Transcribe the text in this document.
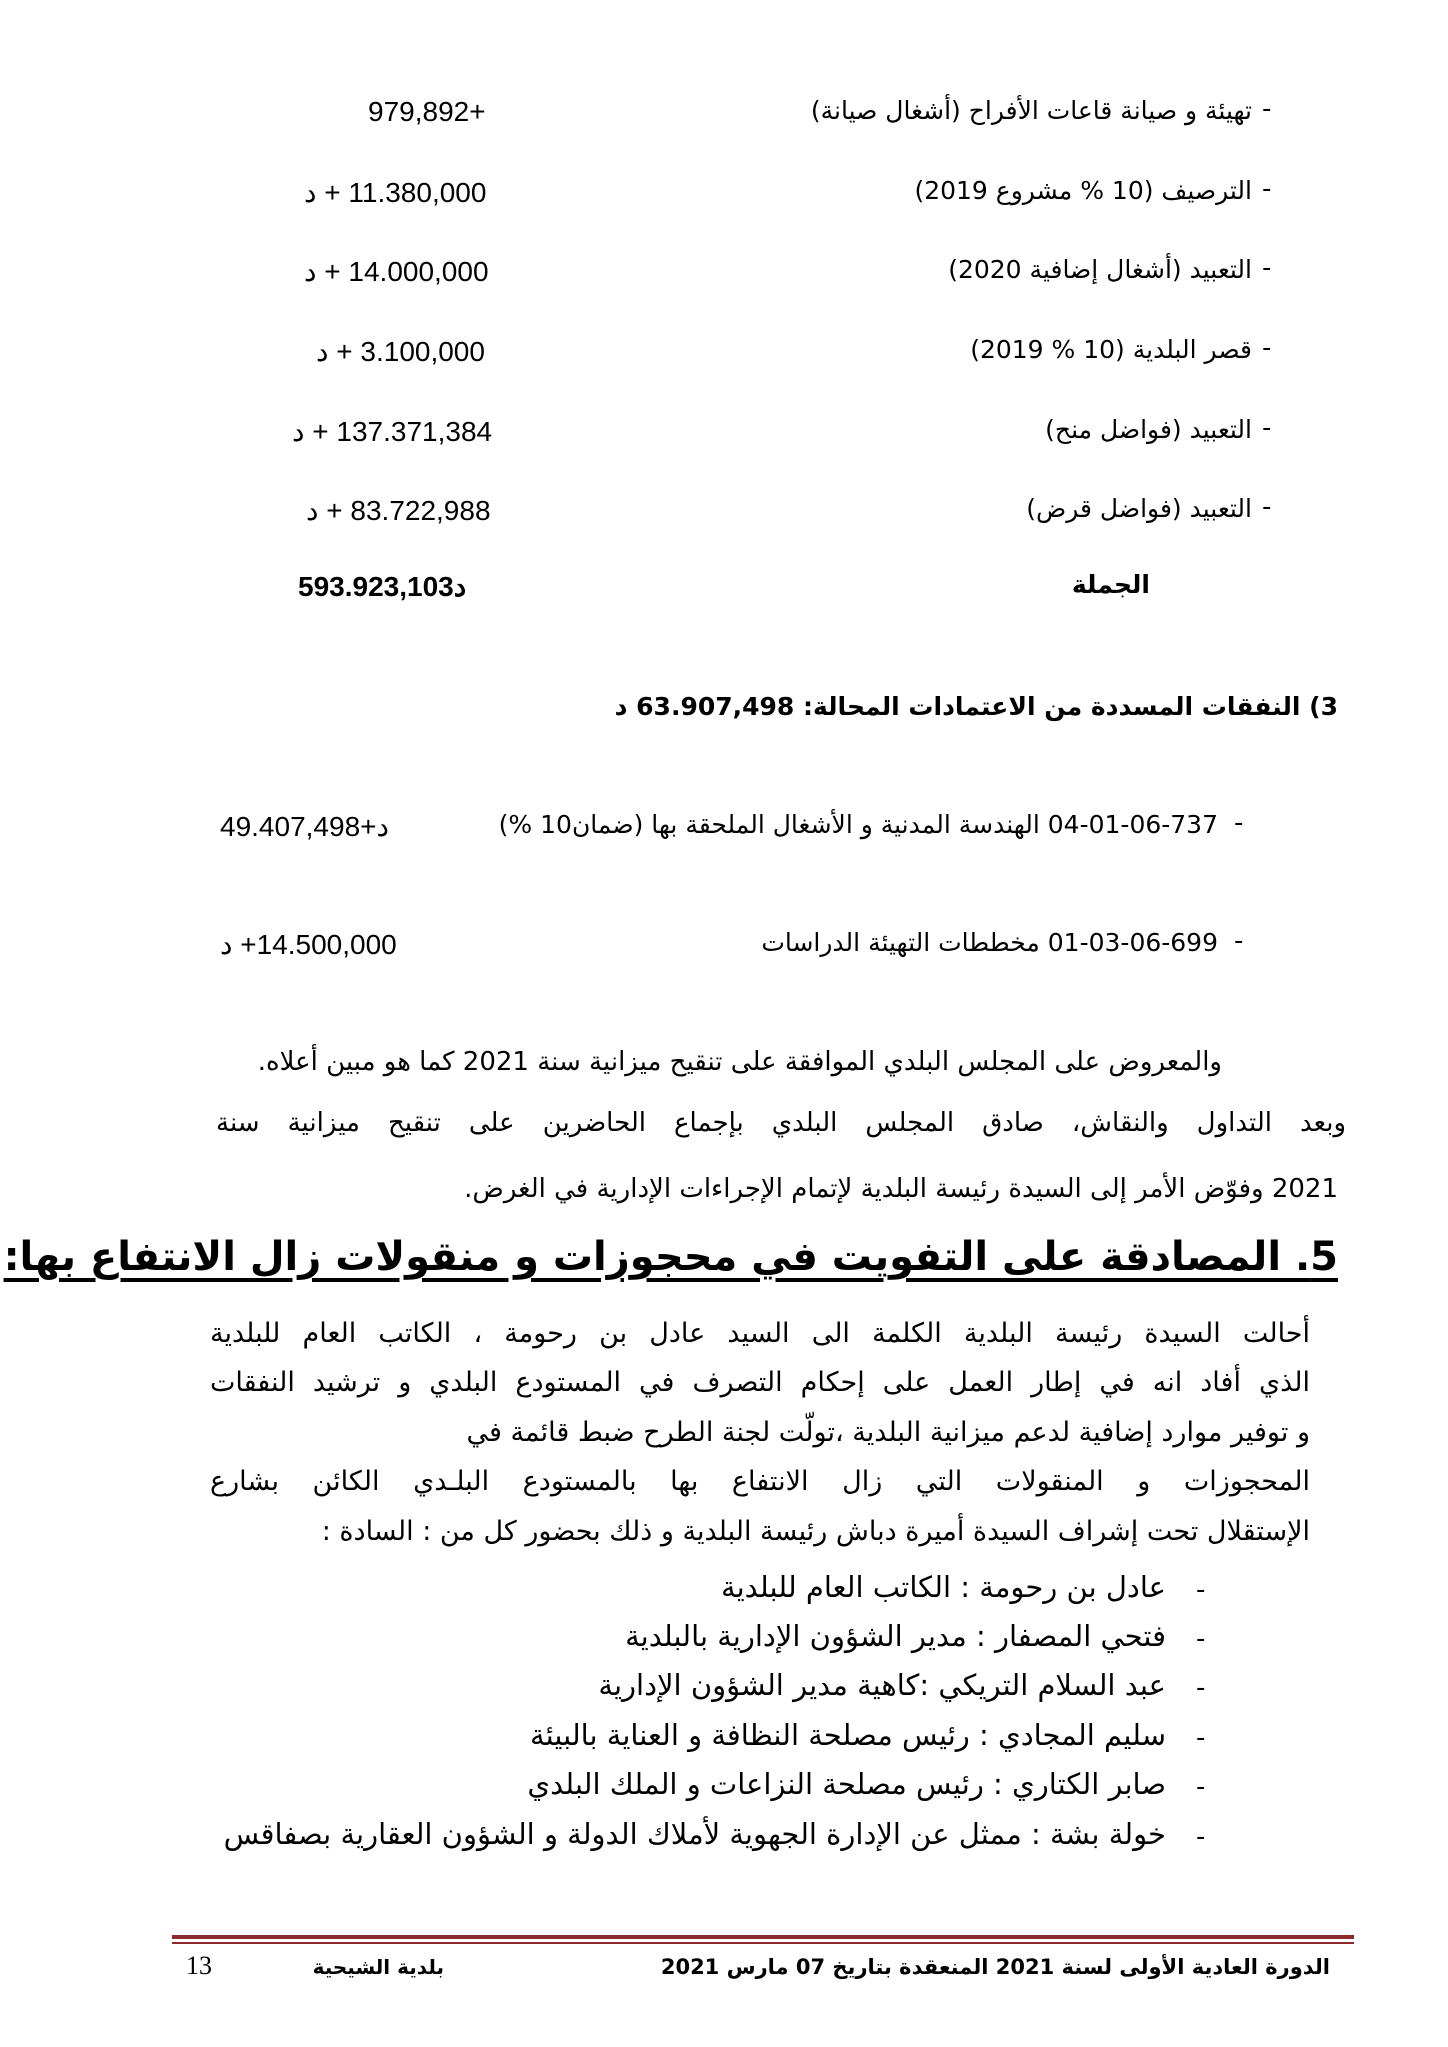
-
تهيئة و صيانة قاعات الأفراح (أشغال صيانة)
979,892+
-
الترصيف (10 % مشروع 2019)
11.380,000 + د
-
التعبيد (أشغال إضافية 2020)
14.000,000 + د
-
قصر البلدية (10 % 2019)
3.100,000 + د
-
التعبيد (فواضل منح)
137.371,384 + د
-
التعبيد (فواضل قرض)
83.722,988 + د
الجملة
593.923,103د
3) النفقات المسددة من الاعتمادات المحالة: 63.907,498 د
-
04-01-06-737 الهندسة المدنية و الأشغال الملحقة بها (ضمان10 %)
49.407,498+د
-
01-03-06-699 مخططات التهيئة الدراسات
14.500,000+ د
والمعروض على المجلس البلدي الموافقة على تنقيح ميزانية سنة 2021 كما هو مبين أعلاه.
وبعد التداول والنقاش، صادق المجلس البلدي بإجماع الحاضرين على تنقيح ميزانية سنة
2021 وفوّض الأمر إلى السيدة رئيسة البلدية لإتمام الإجراءات الإدارية في الغرض.
5. المصادقة على التفويت في محجوزات و منقولات زال الانتفاع بها:
أحالت السيدة رئيسة البلدية الكلمة الى السيد عادل بن رحومة ، الكاتب العام للبلدية
الذي أفاد انه في إطار العمل على إحكام التصرف في المستودع البلدي و ترشيد النفقات
و توفير موارد إضافية لدعم ميزانية البلدية ،تولّت لجنة الطرح ضبط قائمة في
المحجوزات و المنقولات التي زال الانتفاع بها بالمستودع البلـدي الكائن بشارع
الإستقلال تحت إشراف السيدة أميرة دباش رئيسة البلدية و ذلك بحضور كل من : السادة :
-
عادل بن رحومة : الكاتب العام للبلدية
-
فتحي المصفار : مدير الشؤون الإدارية بالبلدية
-
عبد السلام التريكي :كاهية مدير الشؤون الإدارية
-
سليم المجادي : رئيس مصلحة النظافة و العناية بالبيئة
-
صابر الكتاري : رئيس مصلحة النزاعات و الملك البلدي
-
خولة بشة : ممثل عن الإدارة الجهوية لأملاك الدولة و الشؤون العقارية بصفاقس
الدورة العادية الأولى لسنة 2021 المنعقدة بتاريخ 07 مارس 2021
بلدية الشيحية
13
